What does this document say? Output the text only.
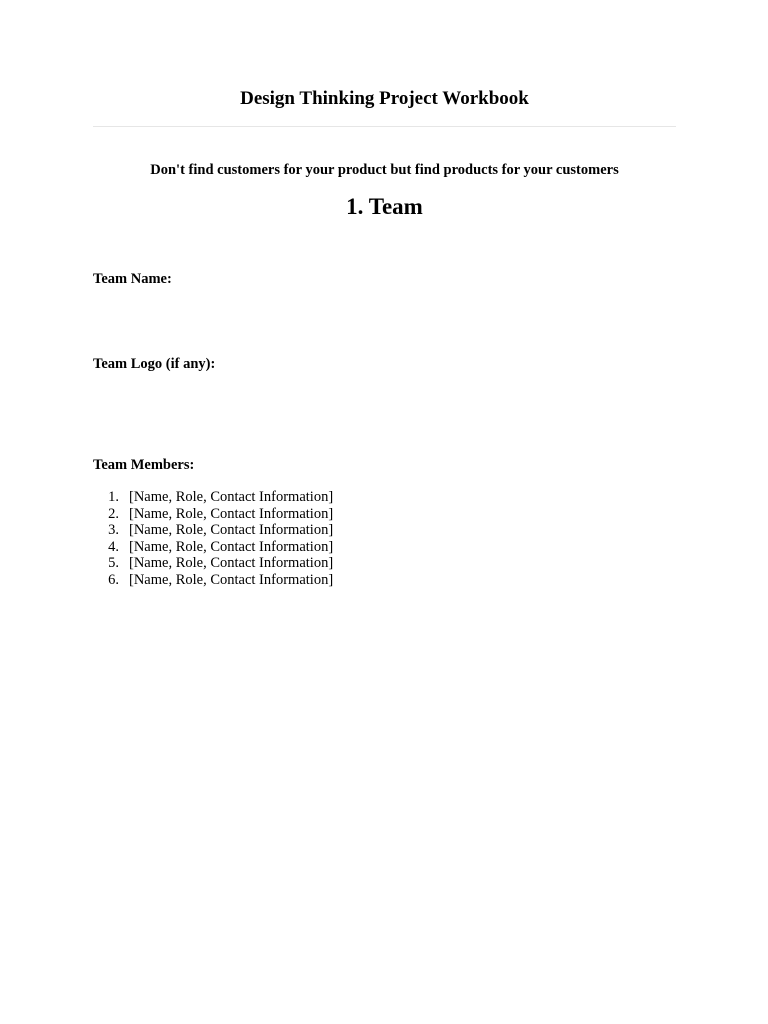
Design Thinking Project Workbook

Don't find customers for your product but find products for your customers

1. Team

Team Name:

Team Logo (if any):

Team Members:

1. [Name, Role, Contact Information]
2. [Name, Role, Contact Information]
3. [Name, Role, Contact Information]
4. [Name, Role, Contact Information]
5. [Name, Role, Contact Information]
6. [Name, Role, Contact Information]
